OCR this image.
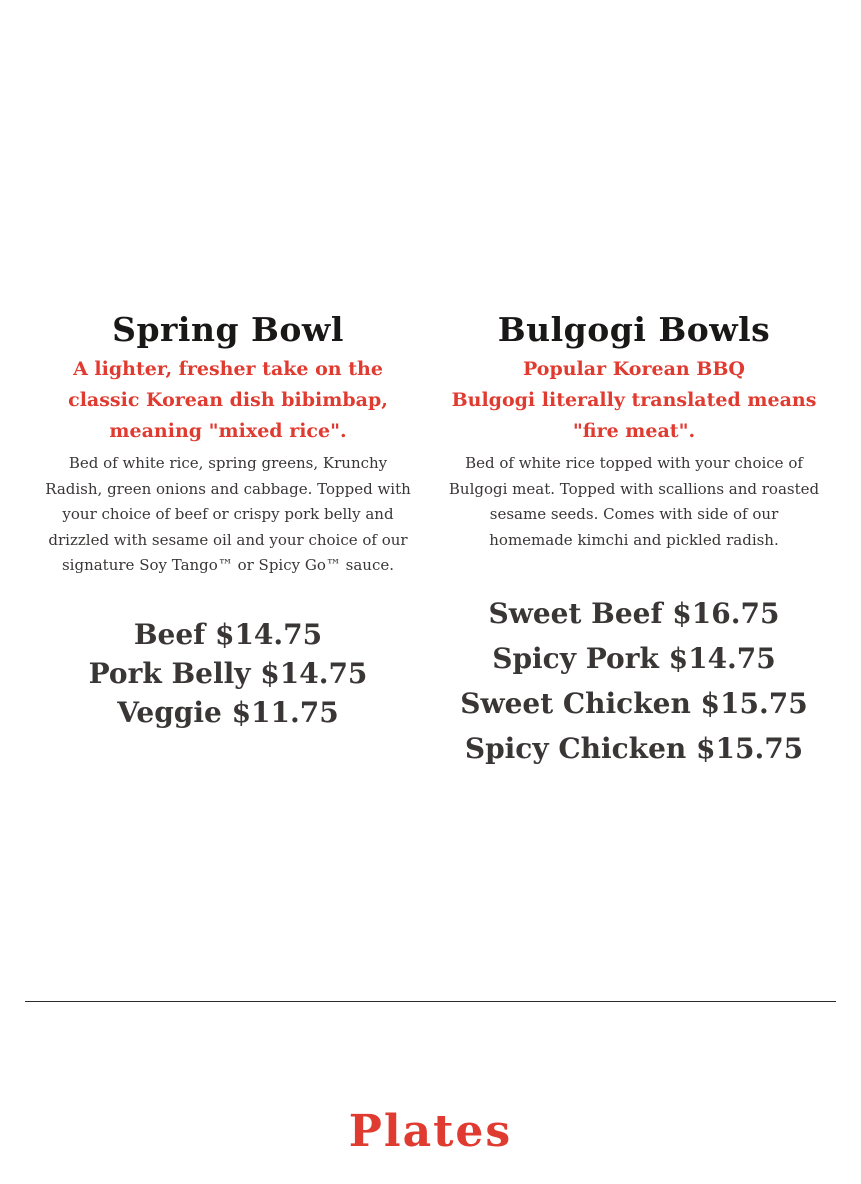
Spring Bowl

A lighter, fresher take on the classic Korean dish bibimbap, meaning "mixed rice".

Bed of white rice, spring greens, Krunchy Radish, green onions and cabbage. Topped with your choice of beef or crispy pork belly and drizzled with sesame oil and your choice of our signature Soy Tango™ or Spicy Go™ sauce.

Beef $14.75
Pork Belly $14.75
Veggie $11.75
Bulgogi Bowls

Popular Korean BBQ
Bulgogi literally translated means "fire meat".

Bed of white rice topped with your choice of Bulgogi meat. Topped with scallions and roasted sesame seeds. Comes with side of our homemade kimchi and pickled radish.

Sweet Beef $16.75
Spicy Pork $14.75
Sweet Chicken $15.75
Spicy Chicken $15.75
Plates
